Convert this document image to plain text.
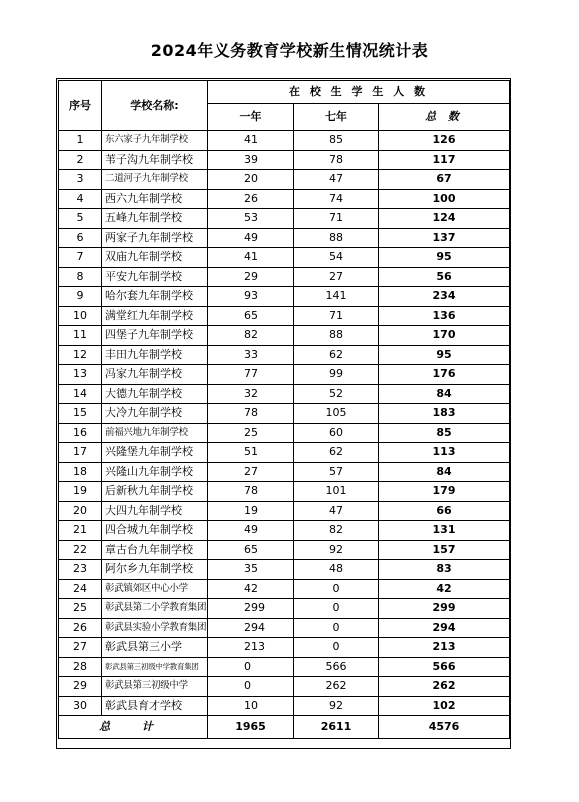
2024年义务教育学校新生情况统计表
序号	学校名称:	在 校 生 学 生 人 数		
		一年	七年	总 数
1	东六家子九年制学校	41	85	126
2	苇子沟九年制学校	39	78	117
3	二道河子九年制学校	20	47	67
4	西六九年制学校	26	74	100
5	五峰九年制学校	53	71	124
6	两家子九年制学校	49	88	137
7	双庙九年制学校	41	54	95
8	平安九年制学校	29	27	56
9	哈尔套九年制学校	93	141	234
10	满堂红九年制学校	65	71	136
11	四堡子九年制学校	82	88	170
12	丰田九年制学校	33	62	95
13	冯家九年制学校	77	99	176
14	大德九年制学校	32	52	84
15	大冷九年制学校	78	105	183
16	前福兴地九年制学校	25	60	85
17	兴隆堡九年制学校	51	62	113
18	兴隆山九年制学校	27	57	84
19	后新秋九年制学校	78	101	179
20	大四九年制学校	19	47	66
21	四合城九年制学校	49	82	131
22	章古台九年制学校	65	92	157
23	阿尔乡九年制学校	35	48	83
24	彰武镇郊区中心小学	42	0	42
25	彰武县第二小学教育集团	299	0	299
26	彰武县实验小学教育集团	294	0	294
27	彰武县第三小学	213	0	213
28	彰武县第三初级中学教育集团	0	566	566
29	彰武县第三初级中学	0	262	262
30	彰武县育才学校	10	92	102
总 计		1965	2611	4576
